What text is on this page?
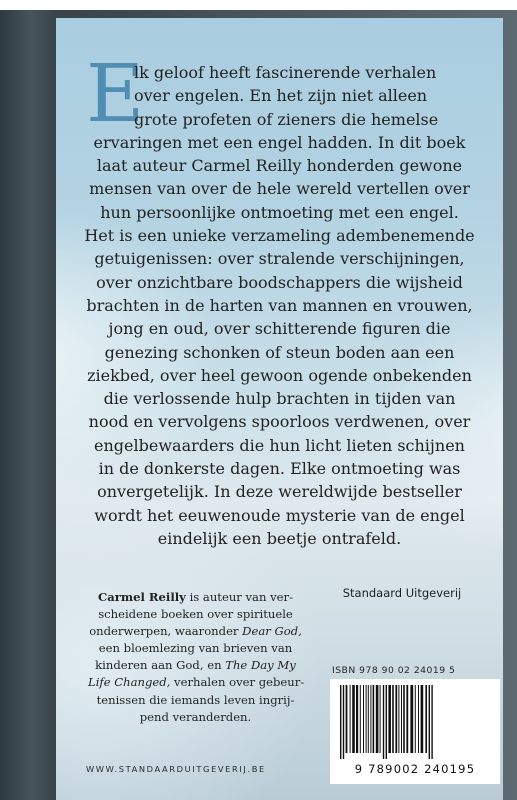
E
lk geloof heeft fascinerende verhalen
over engelen. En het zijn niet alleen
grote profeten of zieners die hemelse
ervaringen met een engel hadden. In dit boek
laat auteur Carmel Reilly honderden gewone
mensen van over de hele wereld vertellen over
hun persoonlijke ontmoeting met een engel.
Het is een unieke verzameling adembenemende
getuigenissen: over stralende verschijningen,
over onzichtbare boodschappers die wijsheid
brachten in de harten van mannen en vrouwen,
jong en oud, over schitterende figuren die
genezing schonken of steun boden aan een
ziekbed, over heel gewoon ogende onbekenden
die verlossende hulp brachten in tijden van
nood en vervolgens spoorloos verdwenen, over
engelbewaarders die hun licht lieten schijnen
in de donkerste dagen. Elke ontmoeting was
onvergetelijk. In deze wereldwijde bestseller
wordt het eeuwenoude mysterie van de engel
eindelijk een beetje ontrafeld.
Carmel Reilly is auteur van ver-
scheidene boeken over spirituele
onderwerpen, waaronder Dear God,
een bloemlezing van brieven van
kinderen aan God, en The Day My
Life Changed, verhalen over gebeur-
tenissen die iemands leven ingrij-
pend veranderden.
Standaard Uitgeverij
ISBN 978 90 02 24019 5
9 789002 240195
WWW.STANDAARDUITGEVERIJ.BE
